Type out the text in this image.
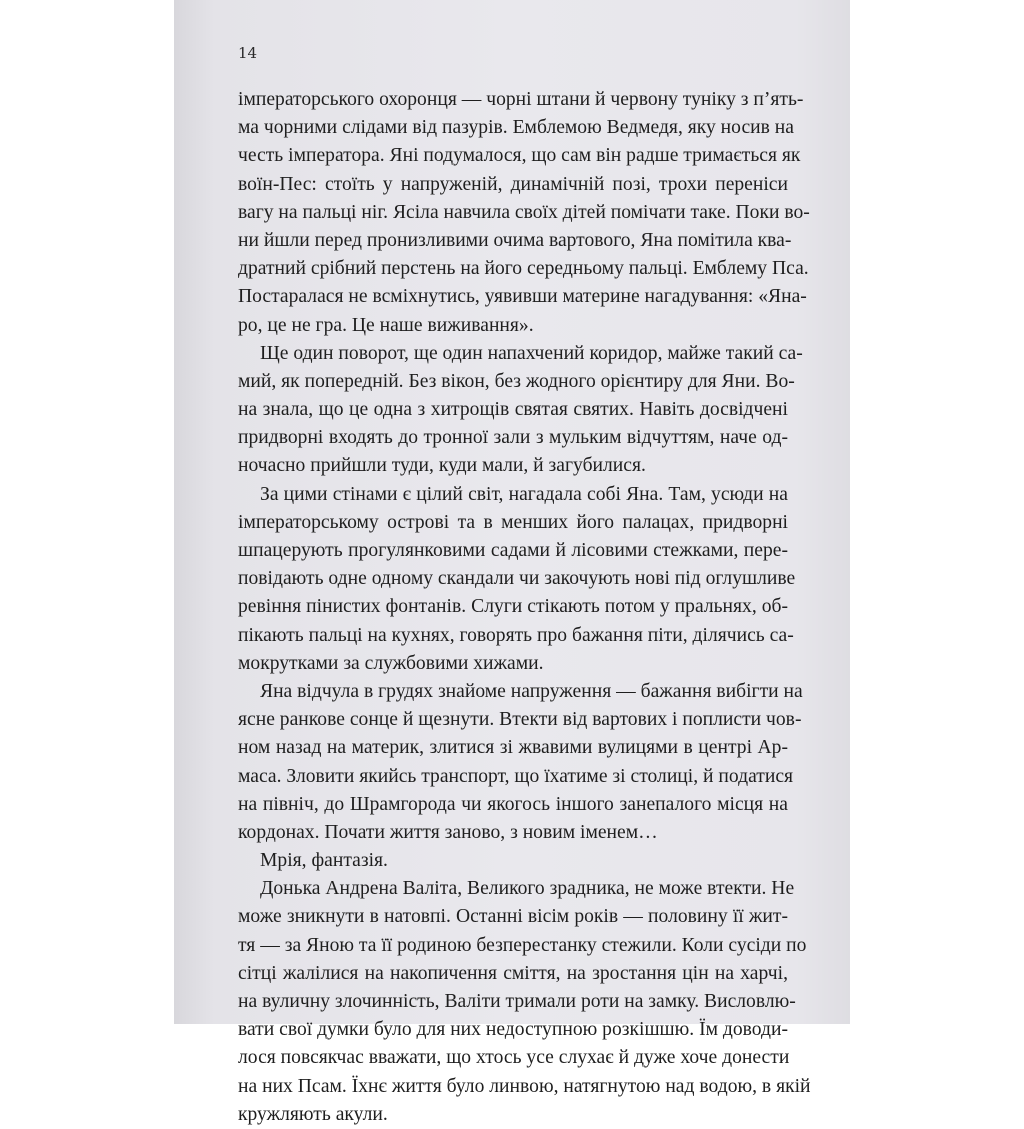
14
імператорського охоронця — чорні штани й червону туніку з п’ять-
ма чорними слідами від пазурів. Емблемою Ведмедя, яку носив на
честь імператора. Яні подумалося, що сам він радше тримається як
воїн-Пес: стоїть у напруженій, динамічній позі, трохи переніси
вагу на пальці ніг. Ясіла навчила своїх дітей помічати таке. Поки во-
ни йшли перед пронизливими очима вартового, Яна помітила ква-
дратний срібний перстень на його середньому пальці. Емблему Пса.
Постаралася не всміхнутись, уявивши материне нагадування: «Яна-
ро, це не гра. Це наше виживання».
Ще один поворот, ще один напахчений коридор, майже такий са-
мий, як попередній. Без вікон, без жодного орієнтиру для Яни. Во-
на знала, що це одна з хитрощів святая святих. Навіть досвідчені
придворні входять до тронної зали з мульким відчуттям, наче од-
ночасно прийшли туди, куди мали, й загубилися.
За цими стінами є цілий світ, нагадала собі Яна. Там, усюди на
імператорському острові та в менших його палацах, придворні
шпацерують прогулянковими садами й лісовими стежками, пере-
повідають одне одному скандали чи закочують нові під оглушливе
ревіння пінистих фонтанів. Слуги стікають потом у пральнях, об-
пікають пальці на кухнях, говорять про бажання піти, ділячись са-
мокрутками за службовими хижами.
Яна відчула в грудях знайоме напруження — бажання вибігти на
ясне ранкове сонце й щезнути. Втекти від вартових і поплисти чов-
ном назад на материк, злитися зі жвавими вулицями в центрі Ар-
маса. Зловити якийсь транспорт, що їхатиме зі столиці, й податися
на північ, до Шрамгорода чи якогось іншого занепалого місця на
кордонах. Почати життя заново, з новим іменем…
Мрія, фантазія.
Донька Андрена Валіта, Великого зрадника, не може втекти. Не
може зникнути в натовпі. Останні вісім років — половину її жит-
тя — за Яною та її родиною безперестанку стежили. Коли сусіди по
сітці жалілися на накопичення сміття, на зростання цін на харчі,
на вуличну злочинність, Валіти тримали роти на замку. Висловлю-
вати свої думки було для них недоступною розкішшю. Їм доводи-
лося повсякчас вважати, що хтось усе слухає й дуже хоче донести
на них Псам. Їхнє життя було линвою, натягнутою над водою, в якій
кружляють акули.
